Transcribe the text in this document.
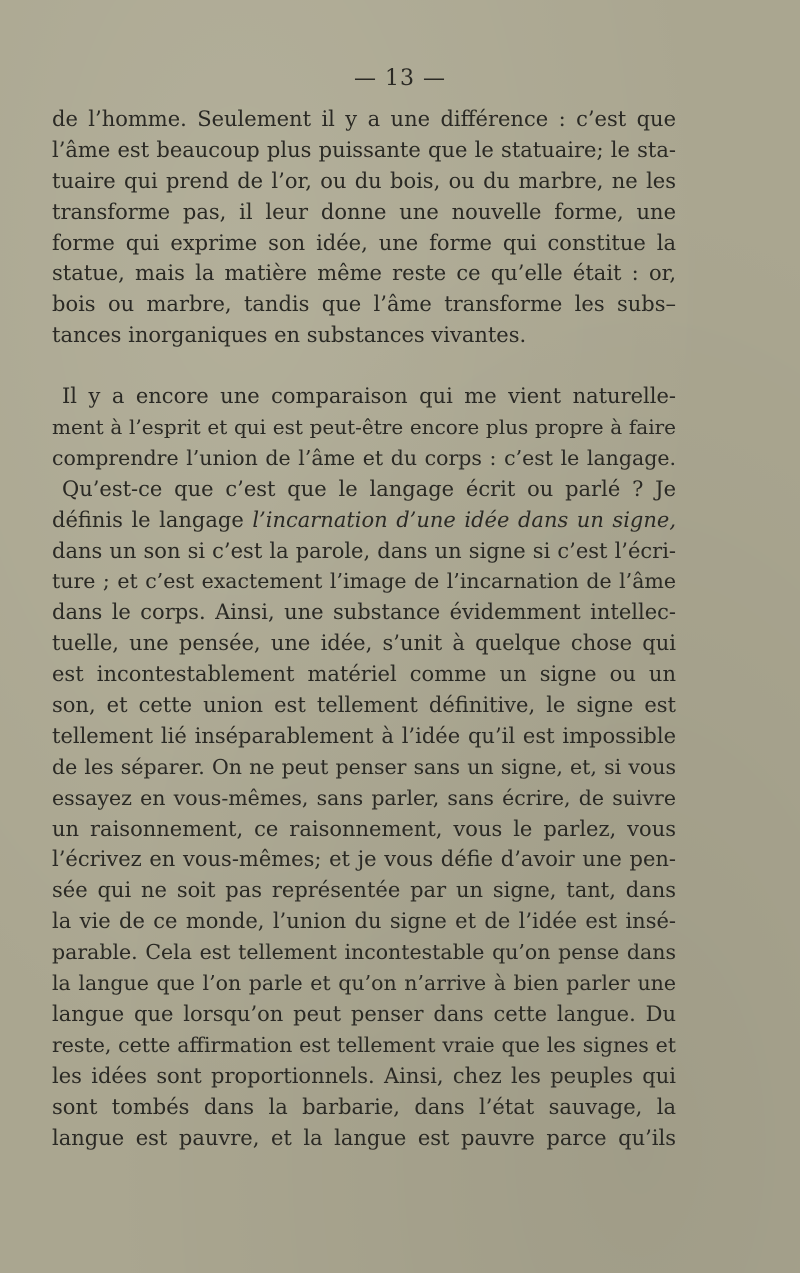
— 13 —
de l’homme. Seulement il y a une différence : c’est que
l’âme est beaucoup plus puissante que le statuaire; le sta-
tuaire qui prend de l’or, ou du bois, ou du marbre, ne les
transforme pas, il leur donne une nouvelle forme, une
forme qui exprime son idée, une forme qui constitue la
statue, mais la matière même reste ce qu’elle était : or,
bois ou marbre, tandis que l’âme transforme les subs–
tances inorganiques en substances vivantes.
Il y a encore une comparaison qui me vient naturelle-
ment à l’esprit et qui est peut-être encore plus propre à faire
comprendre l’union de l’âme et du corps : c’est le langage.
Qu’est-ce que c’est que le langage écrit ou parlé ? Je
définis le langage l’incarnation d’une idée dans un signe,
dans un son si c’est la parole, dans un signe si c’est l’écri-
ture ; et c’est exactement l’image de l’incarnation de l’âme
dans le corps. Ainsi, une substance évidemment intellec-
tuelle, une pensée, une idée, s’unit à quelque chose qui
est incontestablement matériel comme un signe ou un
son, et cette union est tellement définitive, le signe est
tellement lié inséparablement à l’idée qu’il est impossible
de les séparer. On ne peut penser sans un signe, et, si vous
essayez en vous-mêmes, sans parler, sans écrire, de suivre
un raisonnement, ce raisonnement, vous le parlez, vous
l’écrivez en vous-mêmes; et je vous défie d’avoir une pen-
sée qui ne soit pas représentée par un signe, tant, dans
la vie de ce monde, l’union du signe et de l’idée est insé-
parable. Cela est tellement incontestable qu’on pense dans
la langue que l’on parle et qu’on n’arrive à bien parler une
langue que lorsqu’on peut penser dans cette langue. Du
reste, cette affirmation est tellement vraie que les signes et
les idées sont proportionnels. Ainsi, chez les peuples qui
sont tombés dans la barbarie, dans l’état sauvage, la
langue est pauvre, et la langue est pauvre parce qu’ils
